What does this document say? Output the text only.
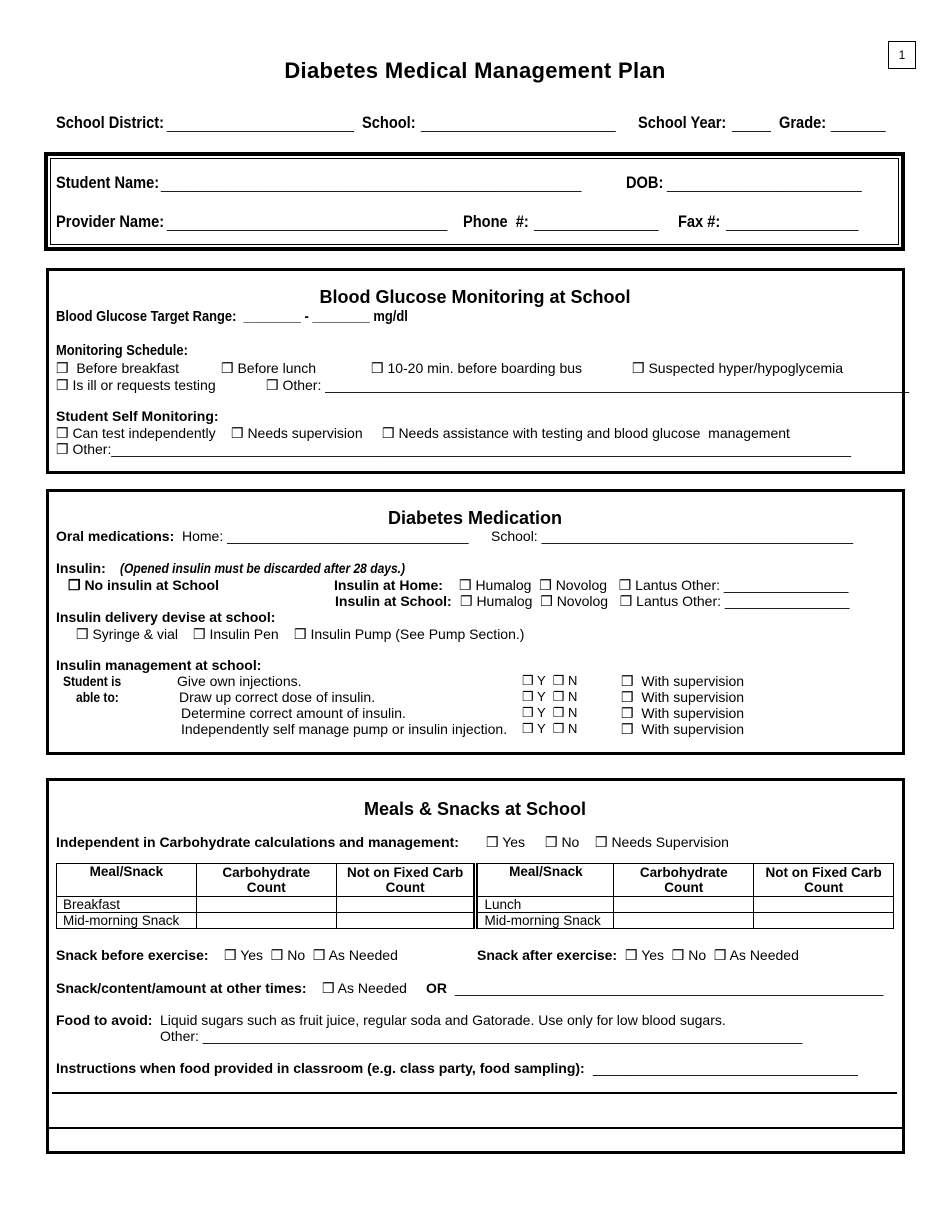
1
Diabetes Medical Management Plan
School District: ________________________ School: _________________________ School Year: _____ Grade: _______
Student Name: ______________________________________________________	DOB: _________________________
Provider Name: ____________________________________ Phone  #: ________________ Fax #: _________________
Blood Glucose Monitoring at School
Blood Glucose Target Range:  ________ - ________ mg/dl
Monitoring Schedule:
❒  Before breakfast	❒ Before lunch	❒ 10-20 min. before boarding bus	❒ Suspected hyper/hypoglycemia
❒ Is ill or requests testing	❒ Other: ___________________________________________________________________________
Student Self Monitoring:
❒ Can test independently ❒ Needs supervision ❒ Needs assistance with testing and blood glucose  management
❒ Other:_______________________________________________________________________________________________
Diabetes Medication
Oral medications: Home: _______________________________ School: ________________________________________
Insulin: (Opened insulin must be discarded after 28 days.)
❒ No insulin at School	Insulin at Home: ❒ Humalog  ❒ Novolog   ❒ Lantus Other: ________________
Insulin at School: ❒ Humalog  ❒ Novolog   ❒ Lantus Other: ________________
Insulin delivery devise at school:
❒ Syringe & vial ❒ Insulin Pen ❒ Insulin Pump (See Pump Section.)
Insulin management at school:
Student is
able to:
Give own injections.	❒ Y  ❒ N	❒  With supervision
Draw up correct dose of insulin.	❒ Y  ❒ N	❒  With supervision
Determine correct amount of insulin.	❒ Y  ❒ N	❒  With supervision
Independently self manage pump or insulin injection. ❒ Y  ❒ N	❒  With supervision
Meals & Snacks at School
Independent in Carbohydrate calculations and management: ❒ Yes ❒ No ❒ Needs Supervision
Meal/Snack	Carbohydrate Count	Not on Fixed Carb Count	Meal/Snack	Carbohydrate Count	Not on Fixed Carb Count
Breakfast			Lunch		
Mid-morning Snack			Mid-morning Snack		
Snack before exercise: ❒ Yes  ❒ No  ❒ As Needed	Snack after exercise: ❒ Yes  ❒ No  ❒ As Needed
Snack/content/amount at other times: ❒ As Needed OR _______________________________________________________
Food to avoid: Liquid sugars such as fruit juice, regular soda and Gatorade. Use only for low blood sugars.
Other: _____________________________________________________________________________
Instructions when food provided in classroom (e.g. class party, food sampling): __________________________________
